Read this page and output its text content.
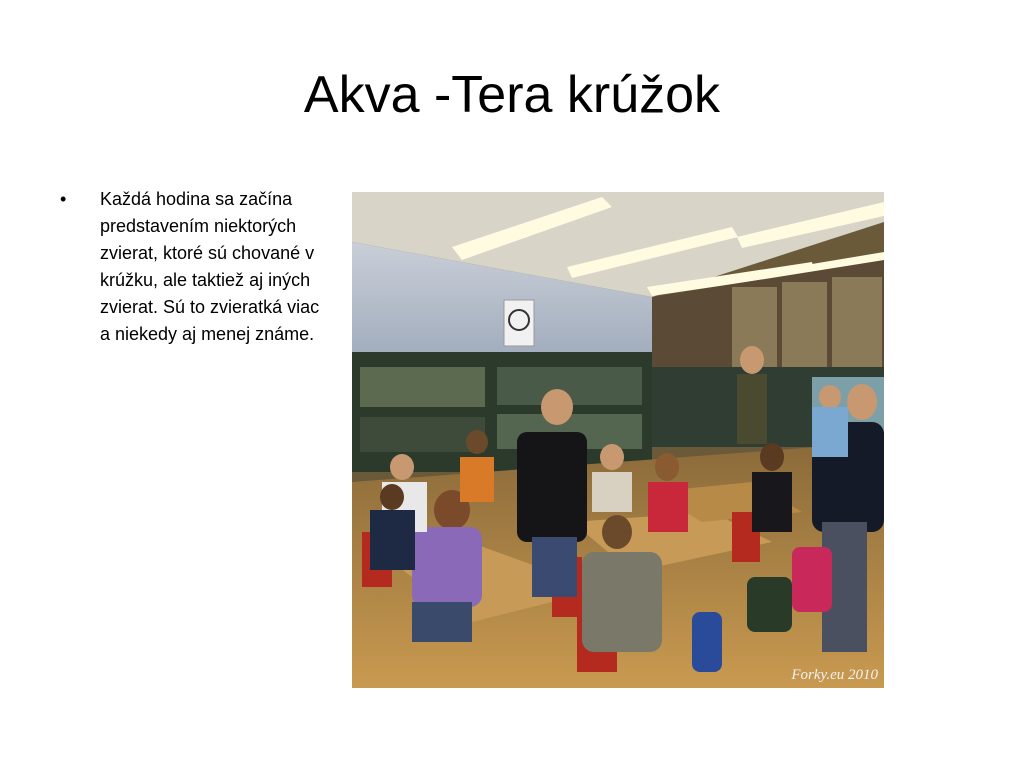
Akva -Tera krúžok
• Každá hodina sa začína predstavením niektorých zvierat, ktoré sú chované v krúžku, ale taktiež aj iných zvierat. Sú to zvieratká viac a niekedy aj menej známe.
Forky.eu 2010
